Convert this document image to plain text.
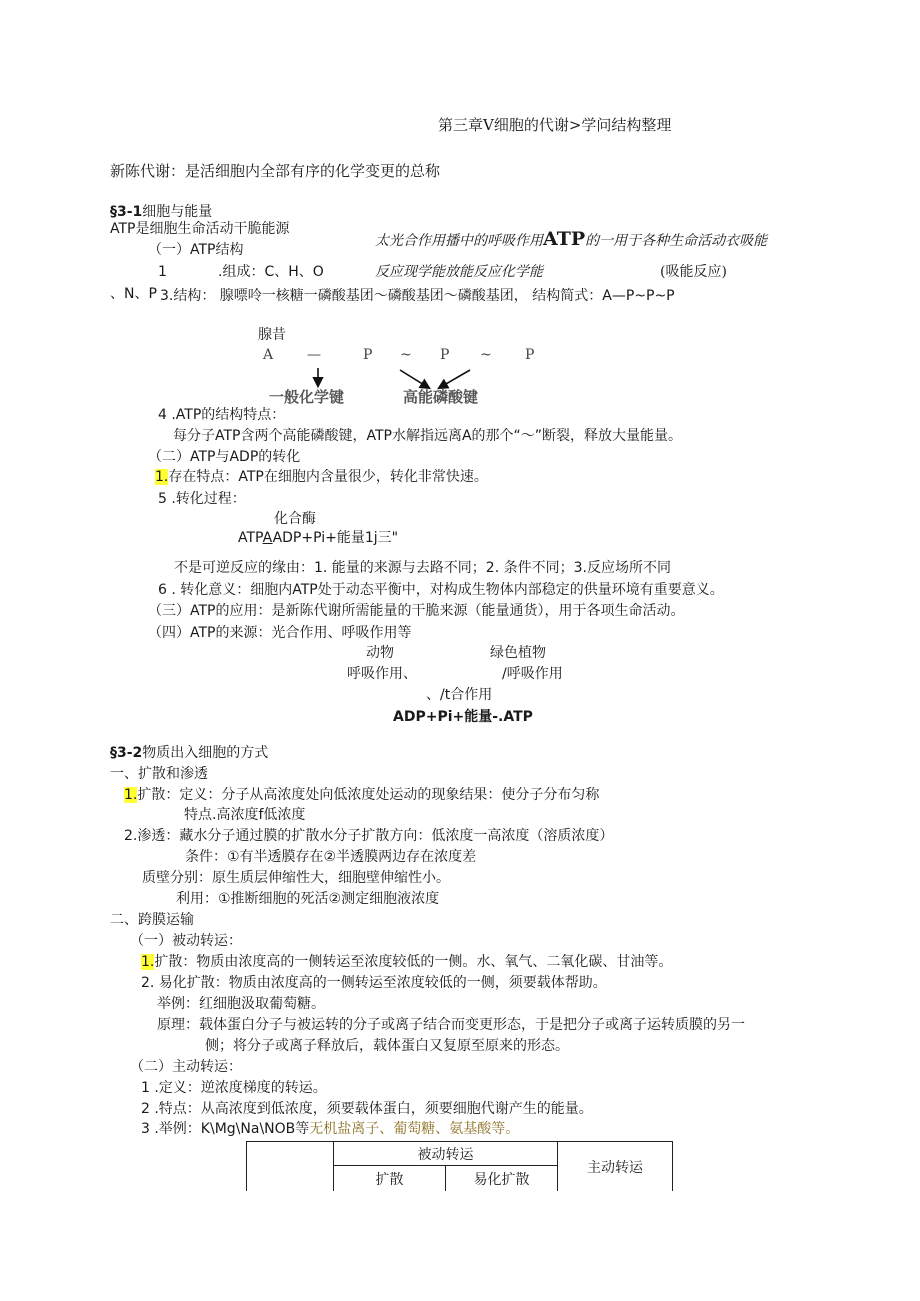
第三章V细胞的代谢>学问结构整理
新陈代谢：是活细胞内全部有序的化学变更的总称
§3-1细胞与能量
ATP是细胞生命活动干脆能源
太光合作用播中的呼吸作用ATP的一用于各种生命活动衣吸能
（一）ATP结构
1	.组成：C、H、O	反应现学能放能反应化学能	(吸能反应)
、N、P 3.结构： 腺嘌呤一核糖一磷酸基团～磷酸基团～磷酸基团， 结构简式：A—P~P~P
腺昔
A —	P ~ P ~ P
一般化学键	高能磷酸键
4 .ATP的结构特点：
每分子ATP含两个高能磷酸键，ATP水解指远离A的那个“～”断裂，释放大量能量。
（二）ATP与ADP的转化
1.存在特点：ATP在细胞内含量很少，转化非常快速。
5 .转化过程：
化合酶
ATPAADP+Pi+能量1j三"
不是可逆反应的缘由：1. 能量的来源与去路不同；2. 条件不同；3.反应场所不同
6 . 转化意义：细胞内ATP处于动态平衡中，对构成生物体内部稳定的供量环境有重要意义。
（三）ATP的应用：是新陈代谢所需能量的干脆来源（能量通货），用于各项生命活动。
（四）ATP的来源：光合作用、呼吸作用等
动物	绿色植物
呼吸作用、	/呼吸作用
、/t合作用
ADP+Pi+能量-.ATP
§3-2物质出入细胞的方式
一、扩散和渗透
1.扩散：定义：分子从高浓度处向低浓度处运动的现象结果：使分子分布匀称
特点.高浓度f低浓度
2.渗透：藏水分子通过膜的扩散水分子扩散方向：低浓度一高浓度（溶质浓度）
条件：①有半透膜存在②半透膜两边存在浓度差
质壁分别：原生质层伸缩性大，细胞壁伸缩性小。
利用：①推断细胞的死活②测定细胞液浓度
二、跨膜运输
（一）被动转运：
1.扩散：物质由浓度高的一侧转运至浓度较低的一侧。水、氧气、二氧化碳、甘油等。
2. 易化扩散：物质由浓度高的一侧转运至浓度较低的一侧，须要载体帮助。
举例：红细胞汲取葡萄糖。
原理：载体蛋白分子与被运转的分子或离子结合而变更形态，于是把分子或离子运转质膜的另一
侧；将分子或离子释放后，载体蛋白又复原至原来的形态。
（二）主动转运：
1 .定义：逆浓度梯度的转运。
2 .特点：从高浓度到低浓度，须要载体蛋白，须要细胞代谢产生的能量。
3 .举例：K\Mg\Na\NOB等无机盐离子、葡萄糖、氨基酸等。
	被动转运		主动转运
	扩散	易化扩散	
